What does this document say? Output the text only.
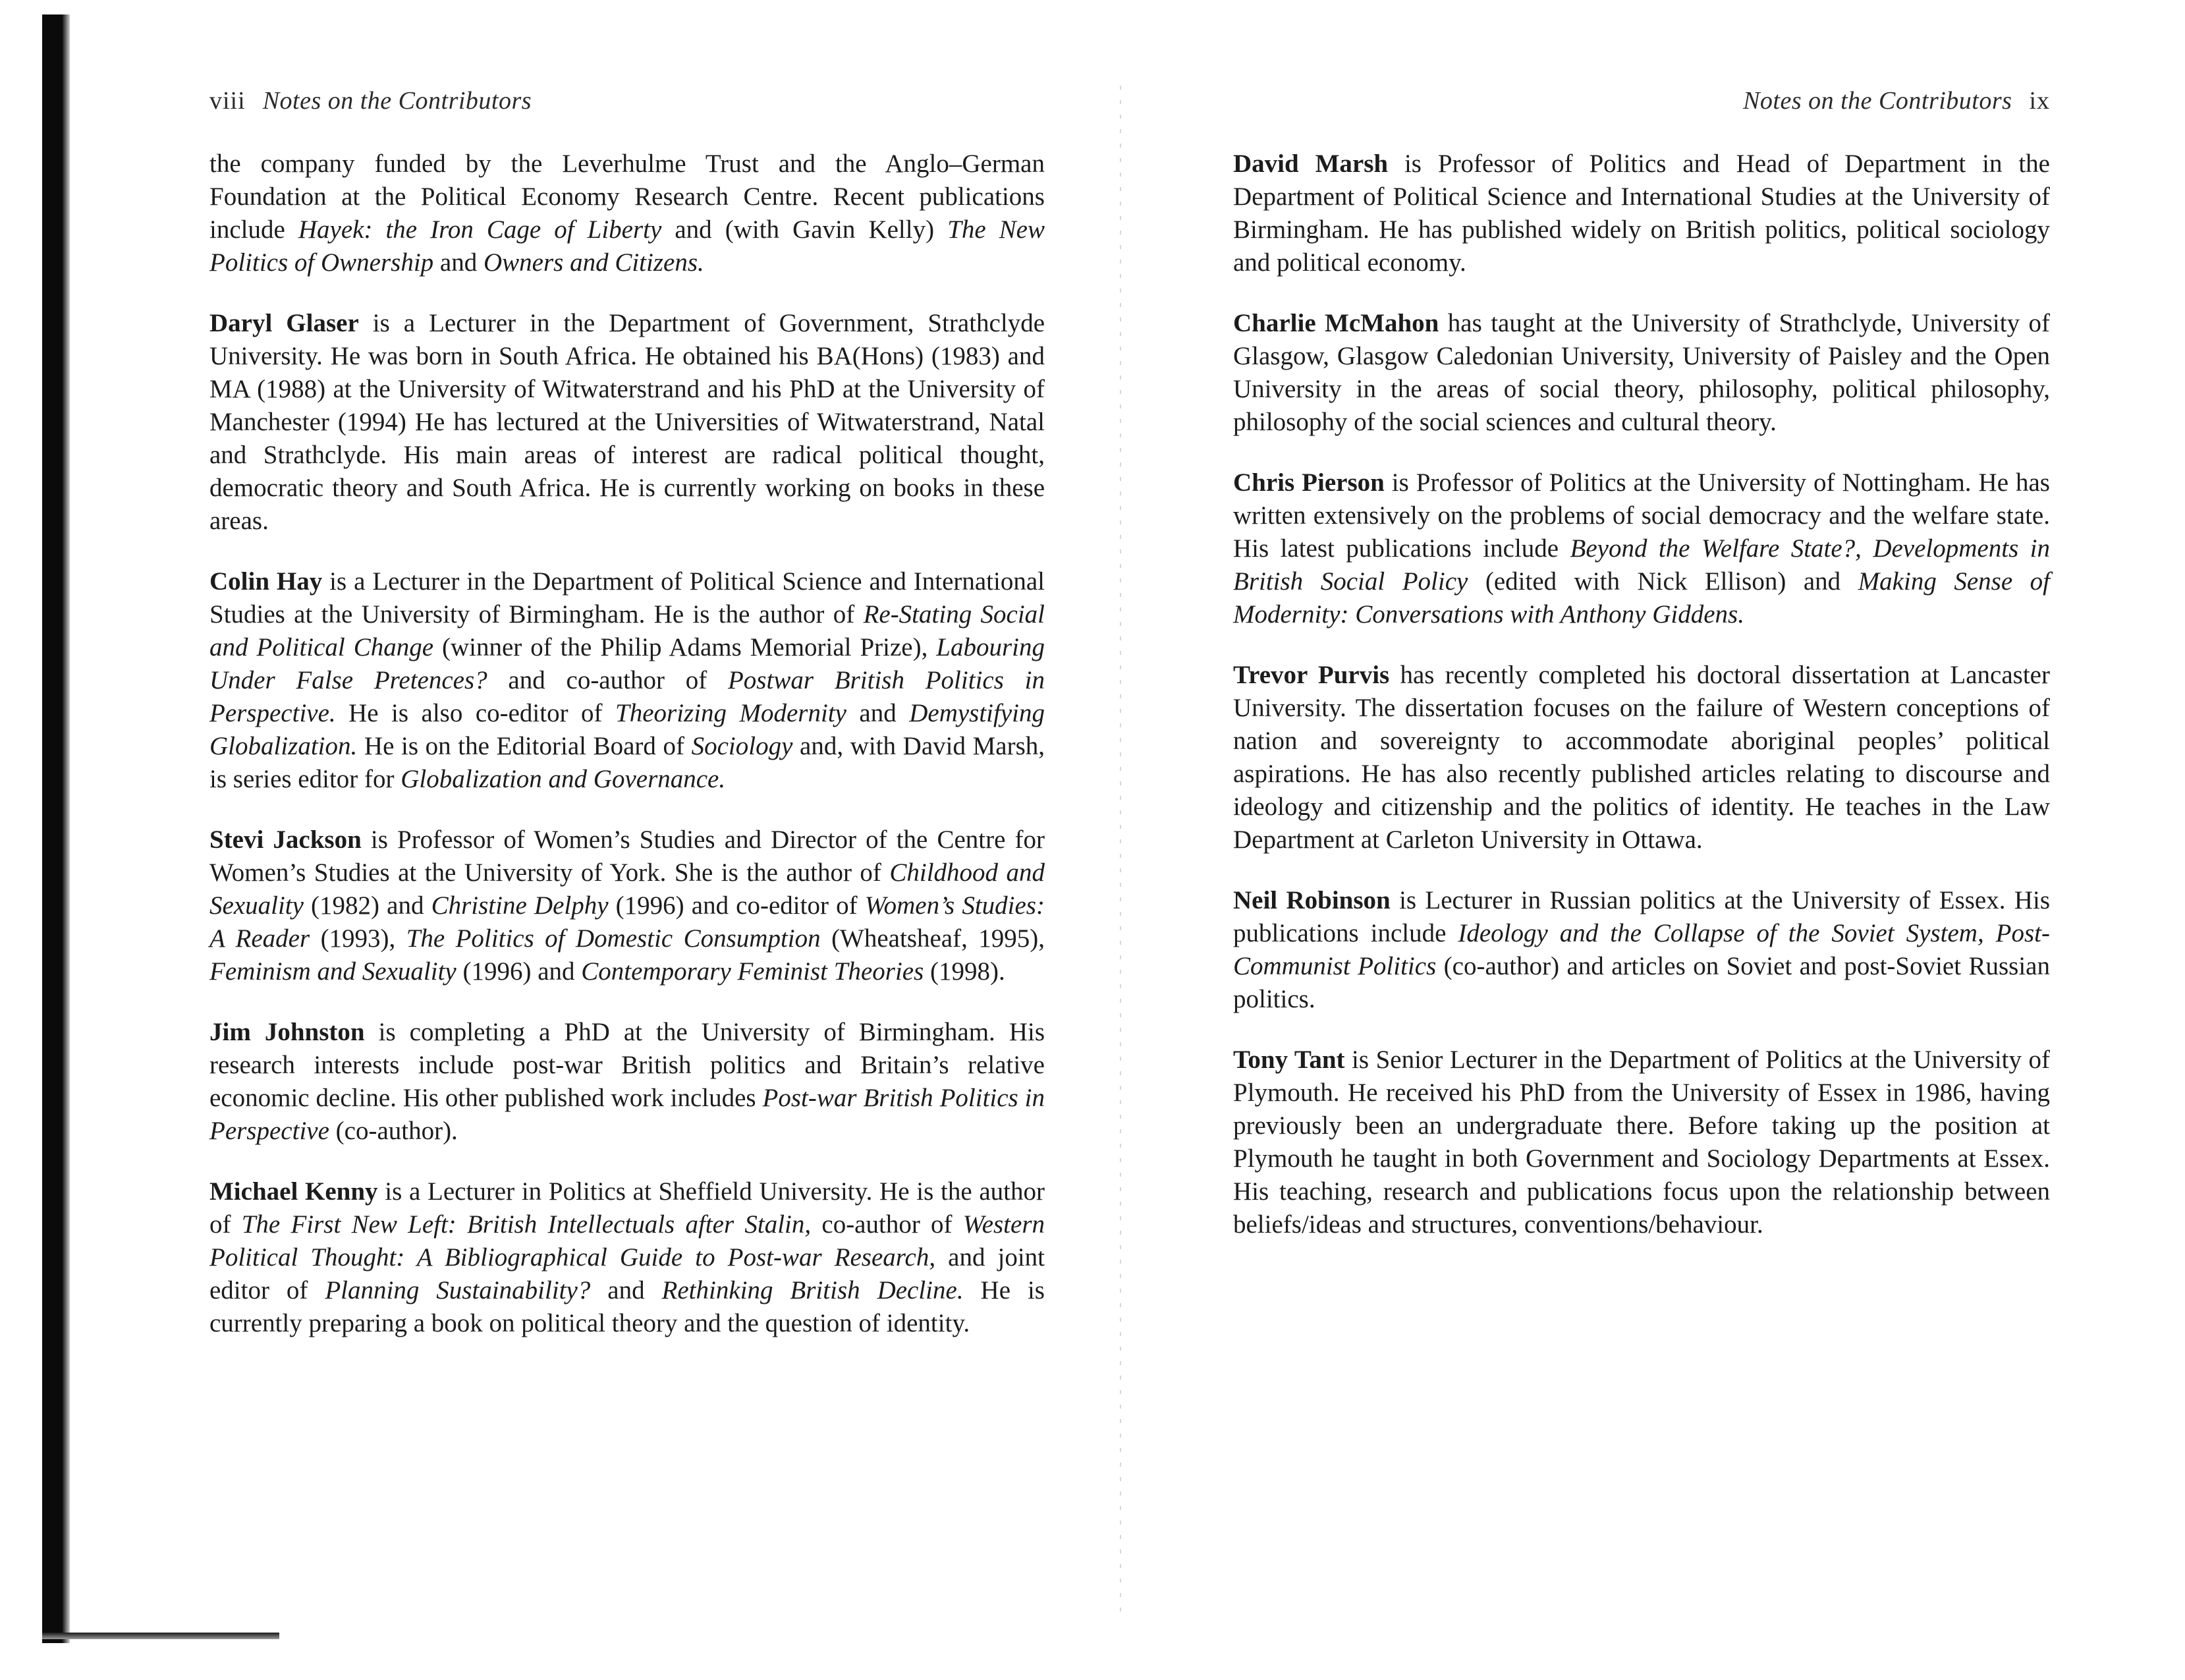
viii Notes on the Contributors

the company funded by the Leverhulme Trust and the Anglo–German Foundation at the Political Economy Research Centre. Recent publications include Hayek: the Iron Cage of Liberty and (with Gavin Kelly) The New Politics of Ownership and Owners and Citizens.

Daryl Glaser is a Lecturer in the Department of Government, Strathclyde University. He was born in South Africa. He obtained his BA(Hons) (1983) and MA (1988) at the University of Witwaterstrand and his PhD at the University of Manchester (1994) He has lectured at the Universities of Witwaterstrand, Natal and Strathclyde. His main areas of interest are radical political thought, democratic theory and South Africa. He is currently working on books in these areas.

Colin Hay is a Lecturer in the Department of Political Science and International Studies at the University of Birmingham. He is the author of Re-Stating Social and Political Change (winner of the Philip Adams Memorial Prize), Labouring Under False Pretences? and co-author of Postwar British Politics in Perspective. He is also co-editor of Theorizing Modernity and Demystifying Globalization. He is on the Editorial Board of Sociology and, with David Marsh, is series editor for Globalization and Governance.

Stevi Jackson is Professor of Women’s Studies and Director of the Centre for Women’s Studies at the University of York. She is the author of Childhood and Sexuality (1982) and Christine Delphy (1996) and co-editor of Women’s Studies: A Reader (1993), The Politics of Domestic Consumption (Wheatsheaf, 1995), Feminism and Sexuality (1996) and Contemporary Feminist Theories (1998).

Jim Johnston is completing a PhD at the University of Birmingham. His research interests include post-war British politics and Britain’s relative economic decline. His other published work includes Post-war British Politics in Perspective (co-author).

Michael Kenny is a Lecturer in Politics at Sheffield University. He is the author of The First New Left: British Intellectuals after Stalin, co-author of Western Political Thought: A Bibliographical Guide to Post-war Research, and joint editor of Planning Sustainability? and Rethinking British Decline. He is currently preparing a book on political theory and the question of identity.

Notes on the Contributors ix

David Marsh is Professor of Politics and Head of Department in the Department of Political Science and International Studies at the University of Birmingham. He has published widely on British politics, political sociology and political economy.

Charlie McMahon has taught at the University of Strathclyde, University of Glasgow, Glasgow Caledonian University, University of Paisley and the Open University in the areas of social theory, philosophy, political philosophy, philosophy of the social sciences and cultural theory.

Chris Pierson is Professor of Politics at the University of Nottingham. He has written extensively on the problems of social democracy and the welfare state. His latest publications include Beyond the Welfare State?, Developments in British Social Policy (edited with Nick Ellison) and Making Sense of Modernity: Conversations with Anthony Giddens.

Trevor Purvis has recently completed his doctoral dissertation at Lancaster University. The dissertation focuses on the failure of Western conceptions of nation and sovereignty to accommodate aboriginal peoples’ political aspirations. He has also recently published articles relating to discourse and ideology and citizenship and the politics of identity. He teaches in the Law Department at Carleton University in Ottawa.

Neil Robinson is Lecturer in Russian politics at the University of Essex. His publications include Ideology and the Collapse of the Soviet System, Post-Communist Politics (co-author) and articles on Soviet and post-Soviet Russian politics.

Tony Tant is Senior Lecturer in the Department of Politics at the University of Plymouth. He received his PhD from the University of Essex in 1986, having previously been an undergraduate there. Before taking up the position at Plymouth he taught in both Government and Sociology Departments at Essex. His teaching, research and publications focus upon the relationship between beliefs/ideas and structures, conventions/behaviour.
